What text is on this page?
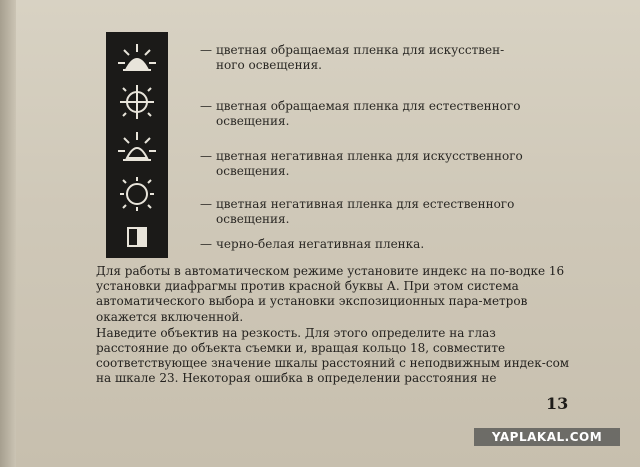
— цветная обращаемая пленка для искусствен-
ного освещения.
— цветная обращаемая пленка для естественного
освещения.
— цветная негативная пленка для искусственного
освещения.
— цветная негативная пленка для естественного
освещения.
— черно-белая негативная пленка.

Для работы в автоматическом режиме установите индекс на по-водке 16 установки диафрагмы против красной буквы А. При этом система автоматического выбора и установки экспозиционных пара-метров окажется включенной.

Наведите объектив на резкость. Для этого определите на глаз расстояние до объекта съемки и, вращая кольцо 18, совместите соответствующее значение шкалы расстояний с неподвижным индек-сом на шкале 23. Некоторая ошибка в определении расстояния не

13
YAPLAKAL.COM
